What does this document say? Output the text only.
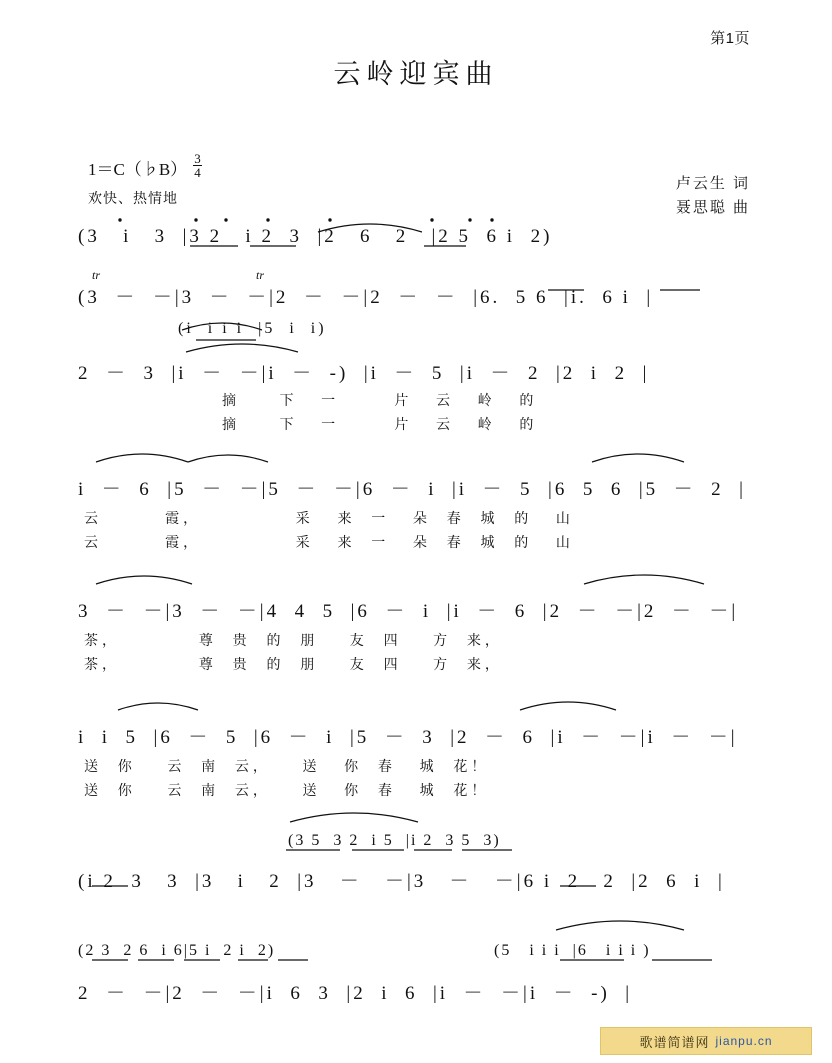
第1页
云岭迎宾曲
1＝C（♭B） $\frac{3}{4}$
欢快、热情地
卢云生 词
聂思聪 曲
(3   i   3  |3 2   i 2  3  |2   6   2   |2 5  6 i  2)
tr	tr
(3  －  －|3  －  －|2  －  －|2  －  －  |6.  5 6  |i.  6 i  |
(i  i i i  |5  i  i)
2  －  3  |i  －  －|i  －  -)  |i  －  5  |i  －  2  |2  i  2  |
摘     下   一       片   云   岭   的
摘     下   一       片   云   岭   的
i  －  6  |5  －  －|5  －  －|6  －  i  |i  －  5  |6  5  6  |5  －  2  |
云        霞，            采   来  一   朵  春  城  的   山
云        霞，            采   来  一   朵  春  城  的   山
3  －  －|3  －  －|4  4  5  |6  －  i  |i  －  6  |2  －  －|2  －  －|
茶，          尊  贵  的  朋    友  四    方  来，
茶，          尊  贵  的  朋    友  四    方  来，
i  i  5  |6  －  5  |6  －  i  |5  －  3  |2  －  6  |i  －  －|i  －  －|
送  你    云  南  云，    送   你  春   城  花！
送  你    云  南  云，    送   你  春   城  花！
(3 5  3 2  i 5  |i 2  3 5  3)
(i 2  3   3  |3   i   2  |3   －   －|3   －   －|6 i  2   2  |2  6  i  |
(2 3  2 6  i 6|5 i  2 i  2)	(5   i i i  |6   i i i )
2  －  －|2  －  －|i  6  3  |2  i  6  |i  －  －|i  －  -)  |
歌谱简谱网 jianpu.cn
